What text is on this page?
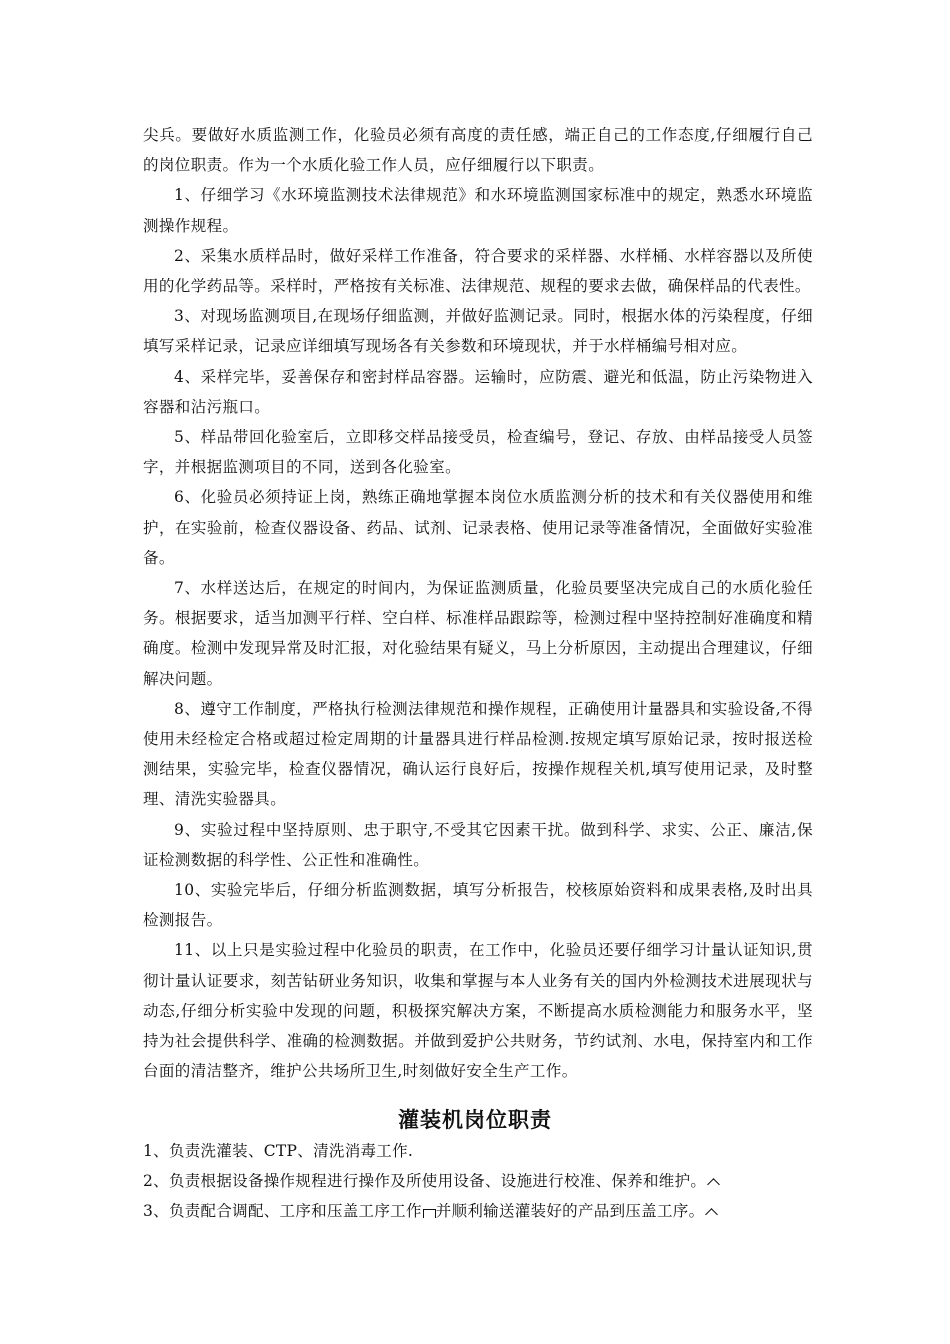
尖兵。要做好水质监测工作，化验员必须有高度的责任感，端正自己的工作态度,仔细履行自己的岗位职责。作为一个水质化验工作人员，应仔细履行以下职责。

1、仔细学习《水环境监测技术法律规范》和水环境监测国家标准中的规定，熟悉水环境监测操作规程。

2、采集水质样品时，做好采样工作准备，符合要求的采样器、水样桶、水样容器以及所使用的化学药品等。采样时，严格按有关标准、法律规范、规程的要求去做，确保样品的代表性。

3、对现场监测项目,在现场仔细监测，并做好监测记录。同时，根据水体的污染程度，仔细填写采样记录，记录应详细填写现场各有关参数和环境现状，并于水样桶编号相对应。

4、采样完毕，妥善保存和密封样品容器。运输时，应防震、避光和低温，防止污染物进入容器和沾污瓶口。

5、样品带回化验室后，立即移交样品接受员，检查编号，登记、存放、由样品接受人员签字，并根据监测项目的不同，送到各化验室。

6、化验员必须持证上岗，熟练正确地掌握本岗位水质监测分析的技术和有关仪器使用和维护，在实验前，检查仪器设备、药品、试剂、记录表格、使用记录等准备情况，全面做好实验准备。

7、水样送达后，在规定的时间内，为保证监测质量，化验员要坚决完成自己的水质化验任务。根据要求，适当加测平行样、空白样、标准样品跟踪等，检测过程中坚持控制好准确度和精确度。检测中发现异常及时汇报，对化验结果有疑义，马上分析原因，主动提出合理建议，仔细解决问题。

8、遵守工作制度，严格执行检测法律规范和操作规程，正确使用计量器具和实验设备,不得使用未经检定合格或超过检定周期的计量器具进行样品检测.按规定填写原始记录，按时报送检测结果，实验完毕，检查仪器情况，确认运行良好后，按操作规程关机,填写使用记录，及时整理、清洗实验器具。

9、实验过程中坚持原则、忠于职守,不受其它因素干扰。做到科学、求实、公正、廉洁,保证检测数据的科学性、公正性和准确性。

10、实验完毕后，仔细分析监测数据，填写分析报告，校核原始资料和成果表格,及时出具检测报告。

11、以上只是实验过程中化验员的职责，在工作中，化验员还要仔细学习计量认证知识,贯彻计量认证要求，刻苦钻研业务知识，收集和掌握与本人业务有关的国内外检测技术进展现状与动态,仔细分析实验中发现的问题，积极探究解决方案，不断提高水质检测能力和服务水平，坚持为社会提供科学、准确的检测数据。并做到爱护公共财务，节约试剂、水电，保持室内和工作台面的清洁整齐，维护公共场所卫生,时刻做好安全生产工作。

灌装机岗位职责

1、负责洗灌装、CTP、清洗消毒工作.

2、负责根据设备操作规程进行操作及所使用设备、设施进行校准、保养和维护。

3、负责配合调配、工序和压盖工序工作 并顺利输送灌装好的产品到压盖工序。
